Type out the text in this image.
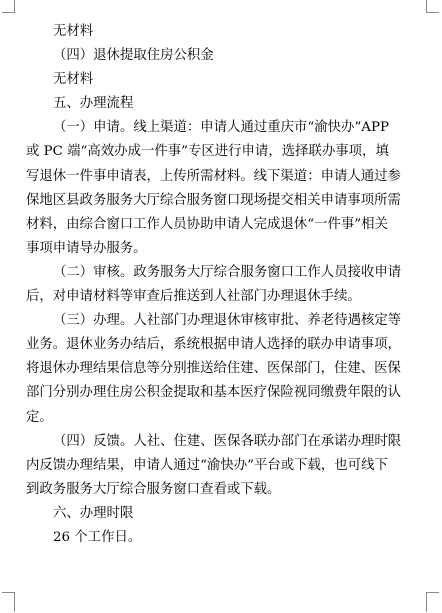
无材料
（四）退休提取住房公积金
无材料
五、办理流程
（一）申请。线上渠道：申请人通过重庆市“渝快办”APP
或 PC 端“高效办成一件事”专区进行申请，选择联办事项，填
写退休一件事申请表，上传所需材料。线下渠道：申请人通过参
保地区县政务服务大厅综合服务窗口现场提交相关申请事项所需
材料，由综合窗口工作人员协助申请人完成退休“一件事”相关
事项申请导办服务。
（二）审核。政务服务大厅综合服务窗口工作人员接收申请
后，对申请材料等审查后推送到人社部门办理退休手续。
（三）办理。人社部门办理退休审核审批、养老待遇核定等
业务。退休业务办结后，系统根据申请人选择的联办申请事项，
将退休办理结果信息等分别推送给住建、医保部门，住建、医保
部门分别办理住房公积金提取和基本医疗保险视同缴费年限的认
定。
（四）反馈。人社、住建、医保各联办部门在承诺办理时限
内反馈办理结果，申请人通过“渝快办”平台或下载，也可线下
到政务服务大厅综合服务窗口查看或下载。
六、办理时限
26 个工作日。
